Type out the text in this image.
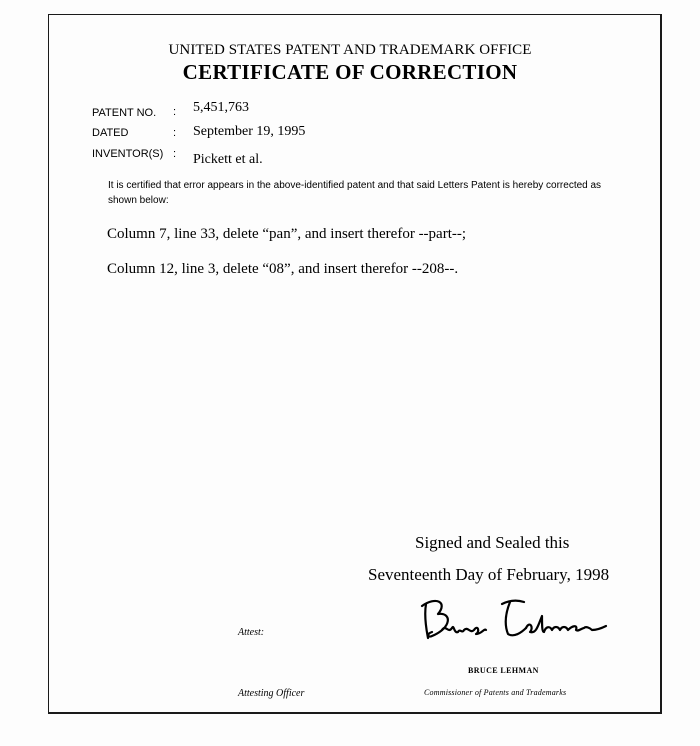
UNITED STATES PATENT AND TRADEMARK OFFICE
CERTIFICATE OF CORRECTION
PATENT NO. : 5,451,763
DATED	: September 19, 1995
INVENTOR(S) : Pickett et al.
It is certified that error appears in the above-identified patent and that said Letters Patent is hereby corrected as shown below:
Column 7, line 33, delete “pan”, and insert therefor --part--;
Column 12, line 3, delete “08”, and insert therefor --208--.
Signed and Sealed this
Seventeenth Day of February, 1998
Attest:
BRUCE LEHMAN
Attesting Officer	Commissioner of Patents and Trademarks
